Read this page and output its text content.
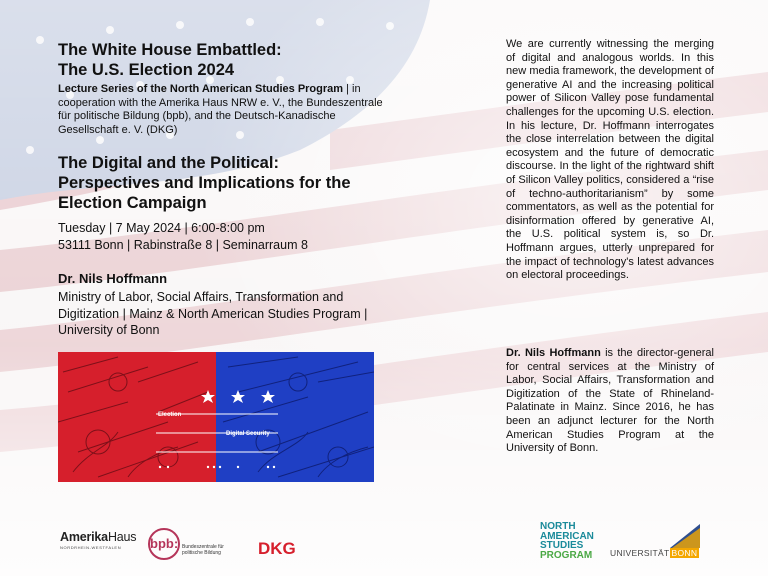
The White House Embattled:
The U.S. Election 2024

Lecture Series of the North American Studies Program | in cooperation with the Amerika Haus NRW e. V., the Bundeszentrale für politische Bildung (bpb), and the Deutsch-Kanadische Gesellschaft e. V. (DKG)

The Digital and the Political:
Perspectives and Implications for the
Election Campaign

Tuesday | 7 May 2024 | 6:00-8:00 pm
53111 Bonn | Rabinstraße 8 | Seminarraum 8

Dr. Nils Hoffmann

Ministry of Labor, Social Affairs, Transformation and Digitization | Mainz & North American Studies Program | University of Bonn

We are currently witnessing the merging of digital and analogous worlds. In this new media framework, the development of generative AI and the increasing political power of Silicon Valley pose fundamental challenges for the upcoming U.S. election. In his lecture, Dr. Hoffmann interrogates the close interrelation between the digital ecosystem and the future of democratic discourse. In the light of the rightward shift of Silicon Valley politics, considered a “rise of techno-authoritarianism” by some commentators, as well as the potential for disinformation offered by generative AI, the U.S. political system is, so Dr. Hoffmann argues, utterly unprepared for the impact of technology's latest advances on electoral proceedings.

Dr. Nils Hoffmann is the director-general for central services at the Ministry of Labor, Social Affairs, Transformation and Digitization of the State of Rhineland-Palatinate in Mainz. Since 2016, he has been an adjunct lecturer for the North American Studies Program at the University of Bonn.

Election
Digital Security
AmerikaHaus
NORDRHEIN-WESTFALEN	bpb: Bundeszentrale für politische Bildung	DKG
NORTH
AMERICAN
STUDIES
PROGRAM UNIVERSITÄT BONN
